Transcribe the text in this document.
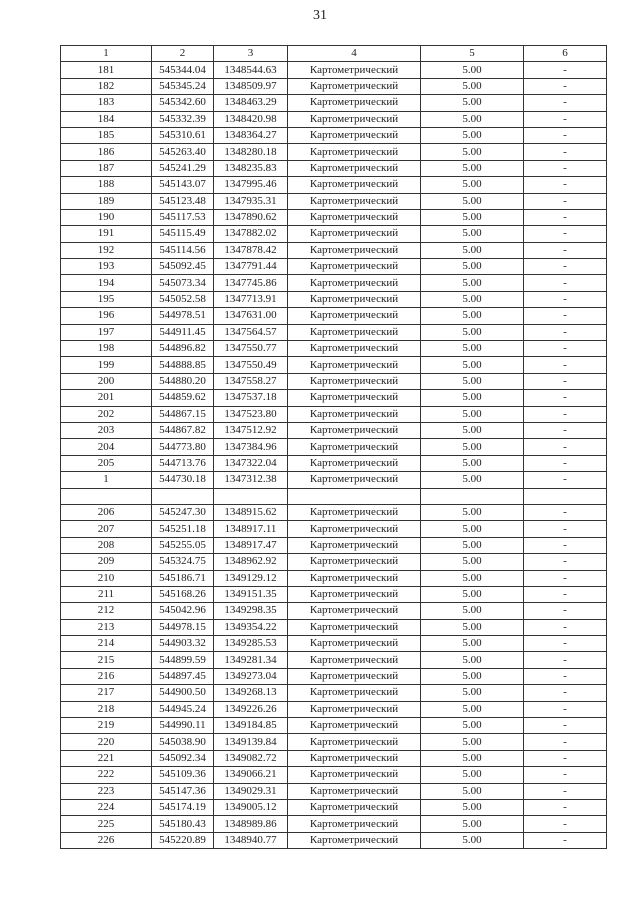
31
1	2	3	4	5	6
181	545344.04	1348544.63	Картометрический	5.00	-
182	545345.24	1348509.97	Картометрический	5.00	-
183	545342.60	1348463.29	Картометрический	5.00	-
184	545332.39	1348420.98	Картометрический	5.00	-
185	545310.61	1348364.27	Картометрический	5.00	-
186	545263.40	1348280.18	Картометрический	5.00	-
187	545241.29	1348235.83	Картометрический	5.00	-
188	545143.07	1347995.46	Картометрический	5.00	-
189	545123.48	1347935.31	Картометрический	5.00	-
190	545117.53	1347890.62	Картометрический	5.00	-
191	545115.49	1347882.02	Картометрический	5.00	-
192	545114.56	1347878.42	Картометрический	5.00	-
193	545092.45	1347791.44	Картометрический	5.00	-
194	545073.34	1347745.86	Картометрический	5.00	-
195	545052.58	1347713.91	Картометрический	5.00	-
196	544978.51	1347631.00	Картометрический	5.00	-
197	544911.45	1347564.57	Картометрический	5.00	-
198	544896.82	1347550.77	Картометрический	5.00	-
199	544888.85	1347550.49	Картометрический	5.00	-
200	544880.20	1347558.27	Картометрический	5.00	-
201	544859.62	1347537.18	Картометрический	5.00	-
202	544867.15	1347523.80	Картометрический	5.00	-
203	544867.82	1347512.92	Картометрический	5.00	-
204	544773.80	1347384.96	Картометрический	5.00	-
205	544713.76	1347322.04	Картометрический	5.00	-
1	544730.18	1347312.38	Картометрический	5.00	-

206	545247.30	1348915.62	Картометрический	5.00	-
207	545251.18	1348917.11	Картометрический	5.00	-
208	545255.05	1348917.47	Картометрический	5.00	-
209	545324.75	1348962.92	Картометрический	5.00	-
210	545186.71	1349129.12	Картометрический	5.00	-
211	545168.26	1349151.35	Картометрический	5.00	-
212	545042.96	1349298.35	Картометрический	5.00	-
213	544978.15	1349354.22	Картометрический	5.00	-
214	544903.32	1349285.53	Картометрический	5.00	-
215	544899.59	1349281.34	Картометрический	5.00	-
216	544897.45	1349273.04	Картометрический	5.00	-
217	544900.50	1349268.13	Картометрический	5.00	-
218	544945.24	1349226.26	Картометрический	5.00	-
219	544990.11	1349184.85	Картометрический	5.00	-
220	545038.90	1349139.84	Картометрический	5.00	-
221	545092.34	1349082.72	Картометрический	5.00	-
222	545109.36	1349066.21	Картометрический	5.00	-
223	545147.36	1349029.31	Картометрический	5.00	-
224	545174.19	1349005.12	Картометрический	5.00	-
225	545180.43	1348989.86	Картометрический	5.00	-
226	545220.89	1348940.77	Картометрический	5.00	-
